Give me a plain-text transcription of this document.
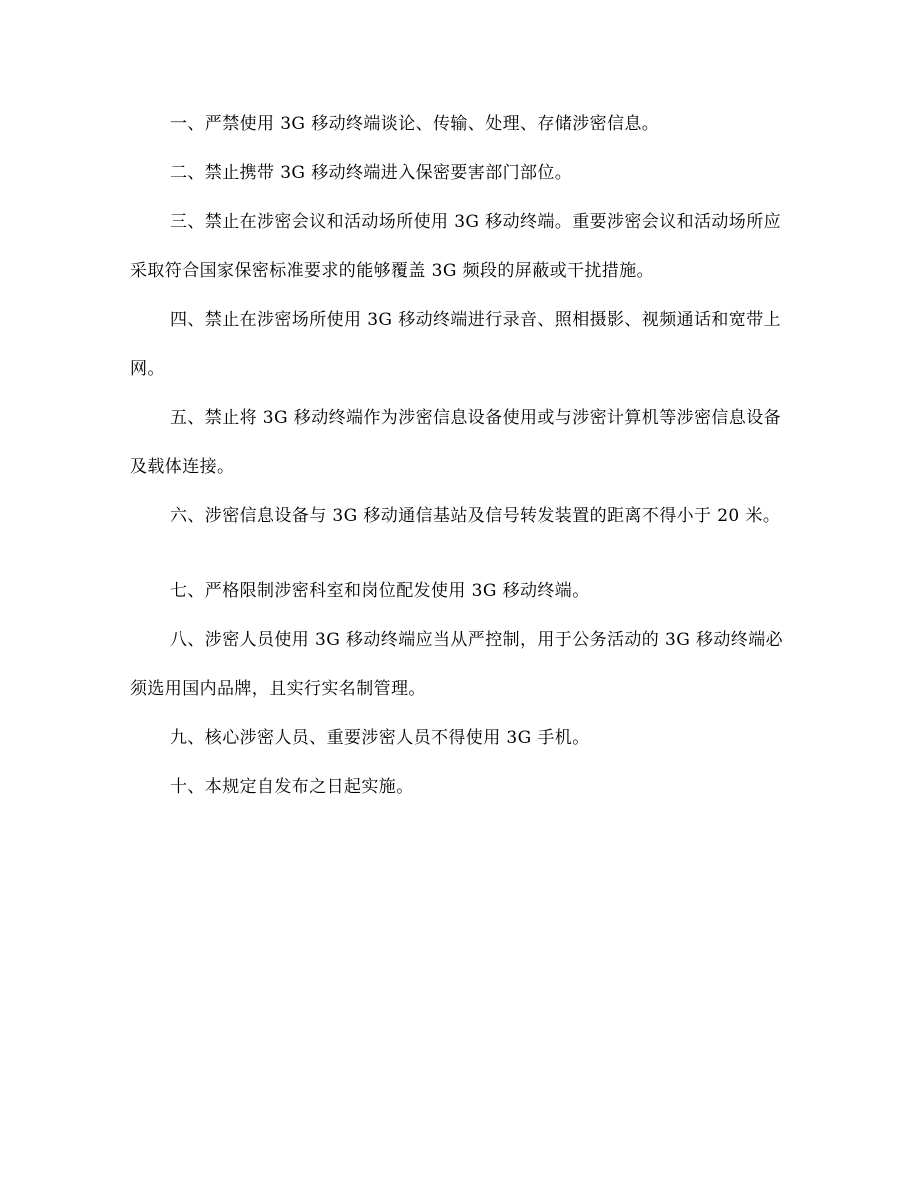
一、严禁使用 3G 移动终端谈论、传输、处理、存储涉密信息。

二、禁止携带 3G 移动终端进入保密要害部门部位。

三、禁止在涉密会议和活动场所使用 3G 移动终端。重要涉密会议和活动场所应采取符合国家保密标准要求的能够覆盖 3G 频段的屏蔽或干扰措施。

四、禁止在涉密场所使用 3G 移动终端进行录音、照相摄影、视频通话和宽带上网。

五、禁止将 3G 移动终端作为涉密信息设备使用或与涉密计算机等涉密信息设备及载体连接。

六、涉密信息设备与 3G 移动通信基站及信号转发装置的距离不得小于 20 米。

七、严格限制涉密科室和岗位配发使用 3G 移动终端。

八、涉密人员使用 3G 移动终端应当从严控制，用于公务活动的 3G 移动终端必须选用国内品牌，且实行实名制管理。

九、核心涉密人员、重要涉密人员不得使用 3G 手机。

十、本规定自发布之日起实施。
